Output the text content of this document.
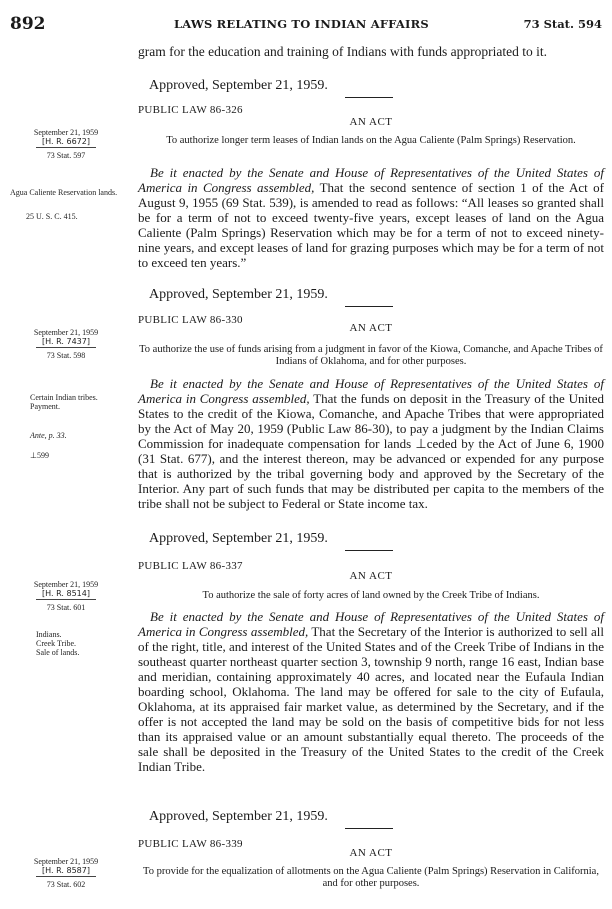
892	LAWS RELATING TO INDIAN AFFAIRS	73 Stat. 594

gram for the education and training of Indians with funds appropriated to it.

Approved, September 21, 1959.
PUBLIC LAW 86-326
AN ACT
To authorize longer term leases of Indian lands on the Agua Caliente (Palm Springs) Reservation.
September 21, 1959
[H. R. 6672]
73 Stat. 597
Agua Caliente Reservation lands.
25 U. S. C. 415.

Be it enacted by the Senate and House of Representatives of the United States of America in Congress assembled, That the second sentence of section 1 of the Act of August 9, 1955 (69 Stat. 539), is amended to read as follows: “All leases so granted shall be for a term of not to exceed twenty-five years, except leases of land on the Agua Caliente (Palm Springs) Reservation which may be for a term of not to exceed ninety-nine years, and except leases of land for grazing purposes which may be for a term of not to exceed ten years.”

Approved, September 21, 1959.
PUBLIC LAW 86-330
AN ACT
To authorize the use of funds arising from a judgment in favor of the Kiowa, Comanche, and Apache Tribes of Indians of Oklahoma, and for other purposes.
September 21, 1959
[H. R. 7437]
73 Stat. 598
Certain Indian tribes. Payment.
Ante, p. 33.
⊥599

Be it enacted by the Senate and House of Representatives of the United States of America in Congress assembled, That the funds on deposit in the Treasury of the United States to the credit of the Kiowa, Comanche, and Apache Tribes that were appropriated by the Act of May 20, 1959 (Public Law 86-30), to pay a judgment by the Indian Claims Commission for inadequate compensation for lands ⊥ceded by the Act of June 6, 1900 (31 Stat. 677), and the interest thereon, may be advanced or expended for any purpose that is authorized by the tribal governing body and approved by the Secretary of the Interior. Any part of such funds that may be distributed per capita to the members of the tribe shall not be subject to Federal or State income tax.

Approved, September 21, 1959.
PUBLIC LAW 86-337
AN ACT
To authorize the sale of forty acres of land owned by the Creek Tribe of Indians.
September 21, 1959
[H. R. 8514]
73 Stat. 601
Indians.
Creek Tribe.
Sale of lands.

Be it enacted by the Senate and House of Representatives of the United States of America in Congress assembled, That the Secretary of the Interior is authorized to sell all of the right, title, and interest of the United States and of the Creek Tribe of Indians in the southeast quarter northeast quarter section 3, township 9 north, range 16 east, Indian base and meridian, containing approximately 40 acres, and located near the Eufaula Indian boarding school, Oklahoma. The land may be offered for sale to the city of Eufaula, Oklahoma, at its appraised fair market value, as determined by the Secretary, and if the offer is not accepted the land may be sold on the basis of competitive bids for not less than its appraised value or an amount substantially equal thereto. The proceeds of the sale shall be deposited in the Treasury of the United States to the credit of the Creek Indian Tribe.

Approved, September 21, 1959.
PUBLIC LAW 86-339
AN ACT
To provide for the equalization of allotments on the Agua Caliente (Palm Springs) Reservation in California, and for other purposes.
September 21, 1959
[H. R. 8587]
73 Stat. 602
